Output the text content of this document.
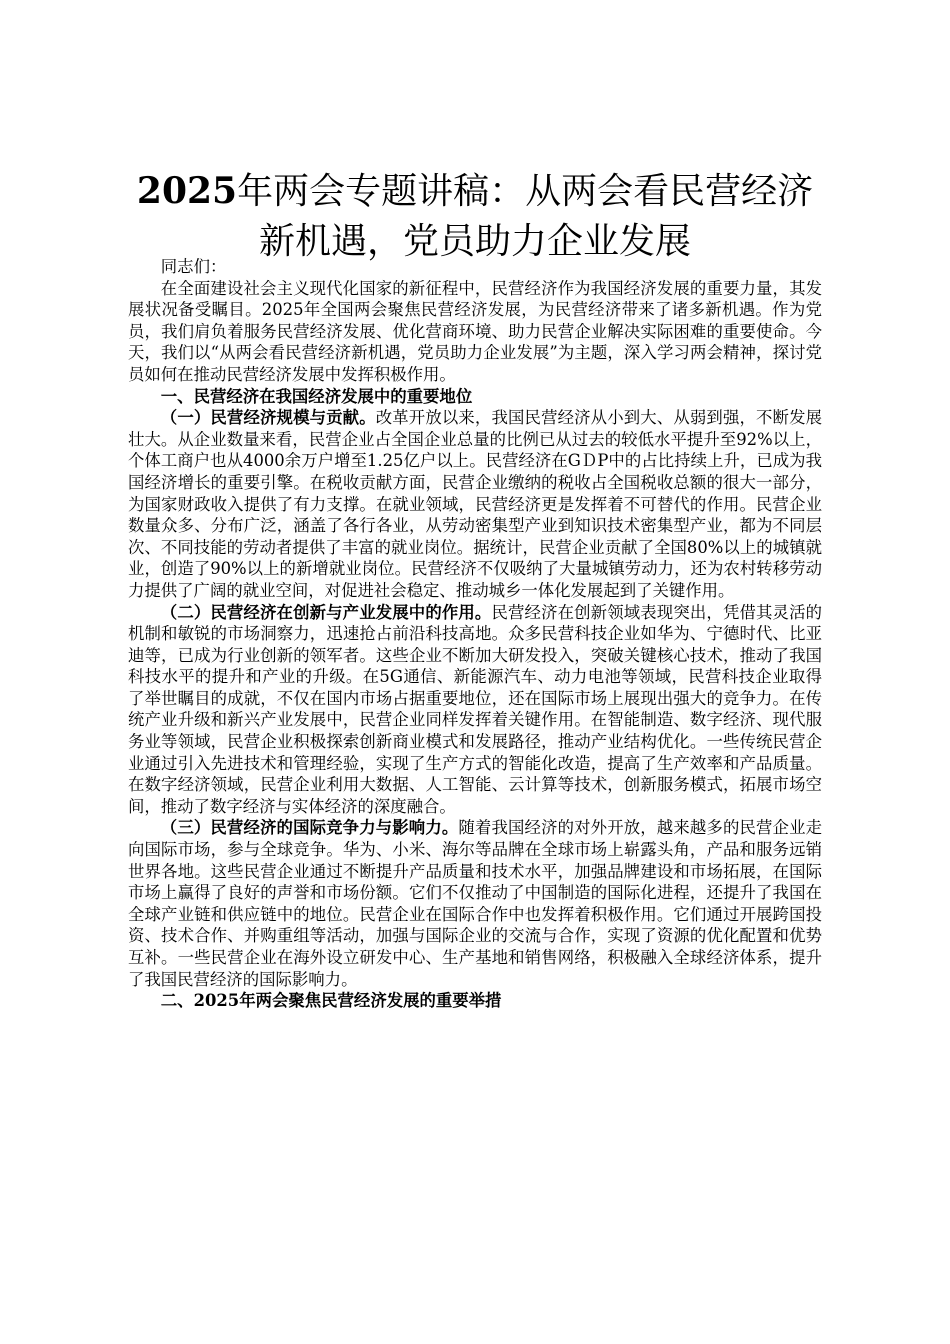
2025年两会专题讲稿：从两会看民营经济新机遇，党员助力企业发展

同志们：

在全面建设社会主义现代化国家的新征程中，民营经济作为我国经济发展的重要力量，其发展状况备受瞩目。2025年全国两会聚焦民营经济发展，为民营经济带来了诸多新机遇。作为党员，我们肩负着服务民营经济发展、优化营商环境、助力民营企业解决实际困难的重要使命。今天，我们以“从两会看民营经济新机遇，党员助力企业发展”为主题，深入学习两会精神，探讨党员如何在推动民营经济发展中发挥积极作用。

一、民营经济在我国经济发展中的重要地位

（一）民营经济规模与贡献。改革开放以来，我国民营经济从小到大、从弱到强，不断发展壮大。从企业数量来看，民营企业占全国企业总量的比例已从过去的较低水平提升至92%以上，个体工商户也从4000余万户增至1.25亿户以上。民营经济在GＤP中的占比持续上升，已成为我国经济增长的重要引擎。在税收贡献方面，民营企业缴纳的税收占全国税收总额的很大一部分，为国家财政收入提供了有力支撑。在就业领域，民营经济更是发挥着不可替代的作用。民营企业数量众多、分布广泛，涵盖了各行各业，从劳动密集型产业到知识技术密集型产业，都为不同层次、不同技能的劳动者提供了丰富的就业岗位。据统计，民营企业贡献了全国80%以上的城镇就业，创造了90%以上的新增就业岗位。民营经济不仅吸纳了大量城镇劳动力，还为农村转移劳动力提供了广阔的就业空间，对促进社会稳定、推动城乡一体化发展起到了关键作用。

（二）民营经济在创新与产业发展中的作用。民营经济在创新领域表现突出，凭借其灵活的机制和敏锐的市场洞察力，迅速抢占前沿科技高地。众多民营科技企业如华为、宁德时代、比亚迪等，已成为行业创新的领军者。这些企业不断加大研发投入，突破关键核心技术，推动了我国科技水平的提升和产业的升级。在5G通信、新能源汽车、动力电池等领域，民营科技企业取得了举世瞩目的成就，不仅在国内市场占据重要地位，还在国际市场上展现出强大的竞争力。在传统产业升级和新兴产业发展中，民营企业同样发挥着关键作用。在智能制造、数字经济、现代服务业等领域，民营企业积极探索创新商业模式和发展路径，推动产业结构优化。一些传统民营企业通过引入先进技术和管理经验，实现了生产方式的智能化改造，提高了生产效率和产品质量。在数字经济领域，民营企业利用大数据、人工智能、云计算等技术，创新服务模式，拓展市场空间，推动了数字经济与实体经济的深度融合。

（三）民营经济的国际竞争力与影响力。随着我国经济的对外开放，越来越多的民营企业走向国际市场，参与全球竞争。华为、小米、海尔等品牌在全球市场上崭露头角，产品和服务远销世界各地。这些民营企业通过不断提升产品质量和技术水平，加强品牌建设和市场拓展，在国际市场上赢得了良好的声誉和市场份额。它们不仅推动了中国制造的国际化进程，还提升了我国在全球产业链和供应链中的地位。民营企业在国际合作中也发挥着积极作用。它们通过开展跨国投资、技术合作、并购重组等活动，加强与国际企业的交流与合作，实现了资源的优化配置和优势互补。一些民营企业在海外设立研发中心、生产基地和销售网络，积极融入全球经济体系，提升了我国民营经济的国际影响力。

二、2025年两会聚焦民营经济发展的重要举措
